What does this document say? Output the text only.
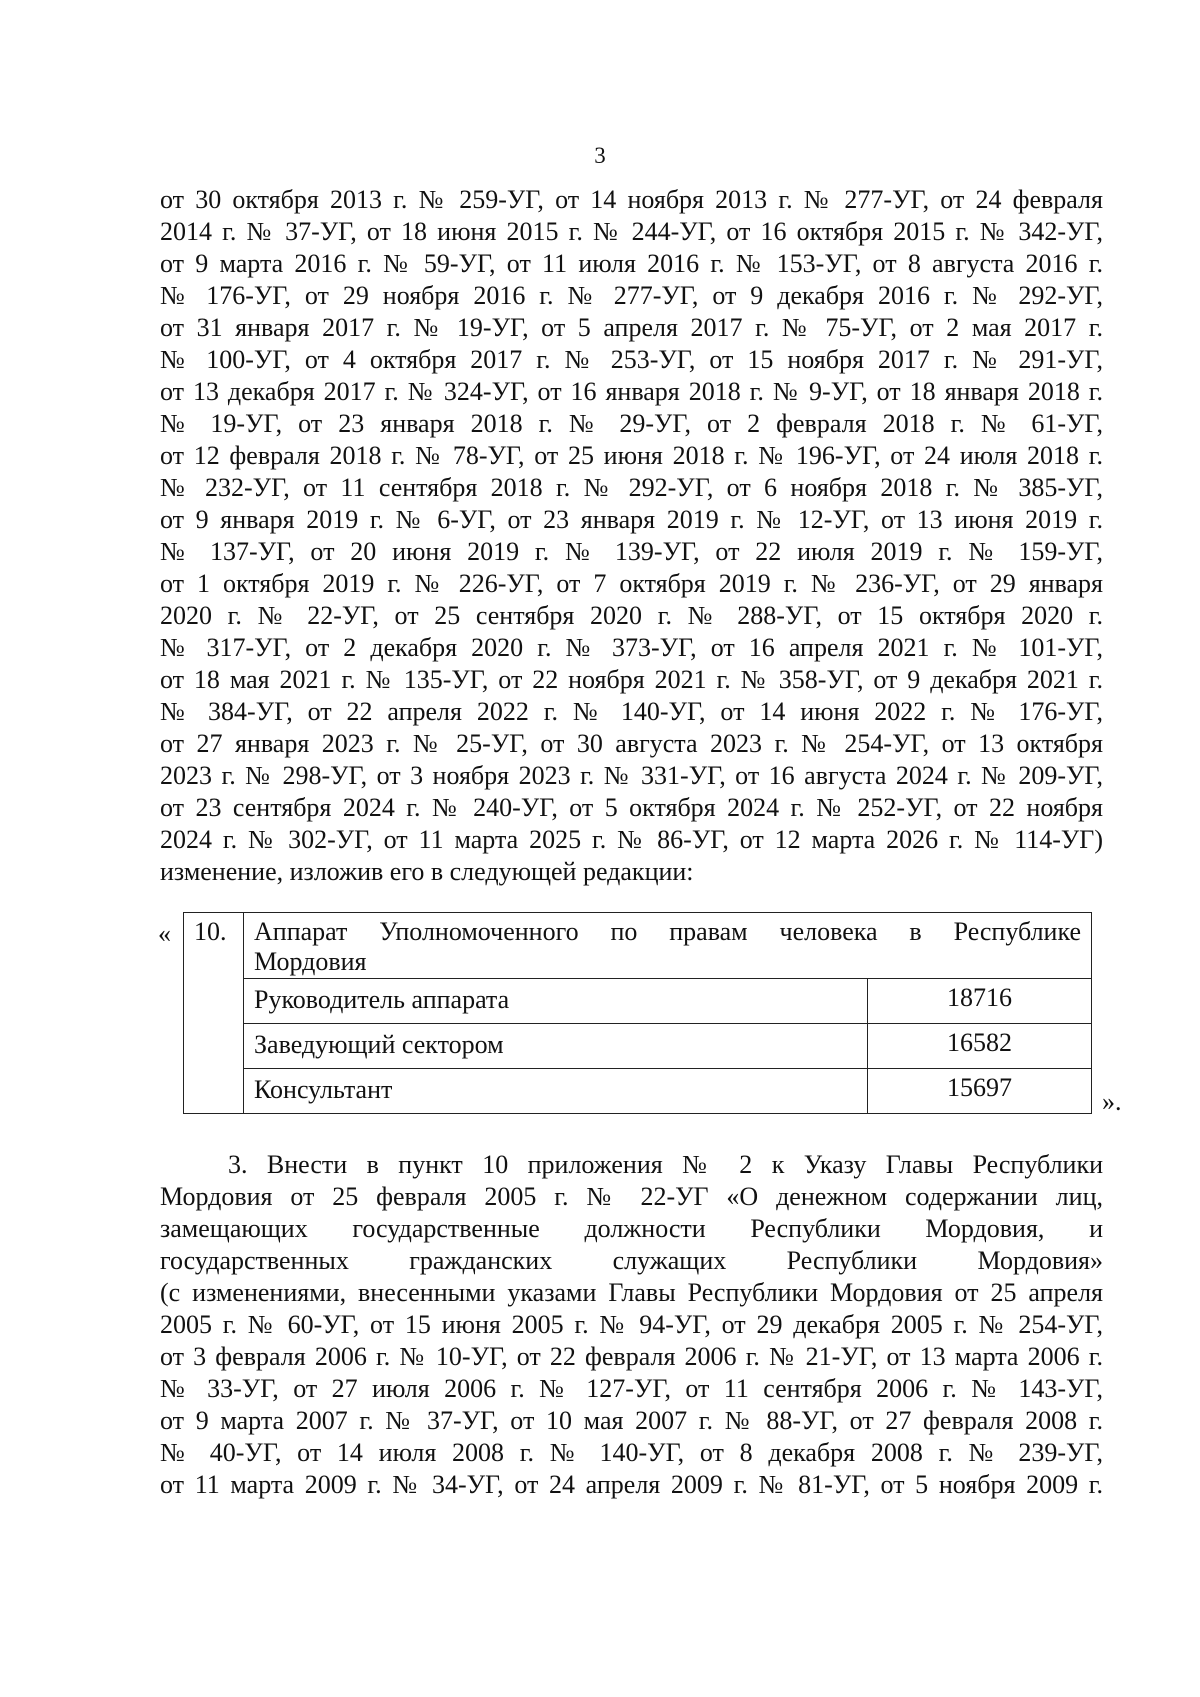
3
от 30 октября 2013 г. № 259-УГ, от 14 ноября 2013 г. № 277-УГ, от 24 февраля
2014 г. № 37-УГ, от 18 июня 2015 г. № 244-УГ, от 16 октября 2015 г. № 342-УГ,
от 9 марта 2016 г. № 59-УГ, от 11 июля 2016 г. № 153-УГ, от 8 августа 2016 г.
№ 176-УГ, от 29 ноября 2016 г. № 277-УГ, от 9 декабря 2016 г. № 292-УГ,
от 31 января 2017 г. № 19-УГ, от 5 апреля 2017 г. № 75-УГ, от 2 мая 2017 г.
№ 100-УГ, от 4 октября 2017 г. № 253-УГ, от 15 ноября 2017 г. № 291-УГ,
от 13 декабря 2017 г. № 324-УГ, от 16 января 2018 г. № 9-УГ, от 18 января 2018 г.
№ 19-УГ, от 23 января 2018 г. № 29-УГ, от 2 февраля 2018 г. № 61-УГ,
от 12 февраля 2018 г. № 78-УГ, от 25 июня 2018 г. № 196-УГ, от 24 июля 2018 г.
№ 232-УГ, от 11 сентября 2018 г. № 292-УГ, от 6 ноября 2018 г. № 385-УГ,
от 9 января 2019 г. № 6-УГ, от 23 января 2019 г. № 12-УГ, от 13 июня 2019 г.
№ 137-УГ, от 20 июня 2019 г. № 139-УГ, от 22 июля 2019 г. № 159-УГ,
от 1 октября 2019 г. № 226-УГ, от 7 октября 2019 г. № 236-УГ, от 29 января
2020 г. № 22-УГ, от 25 сентября 2020 г. № 288-УГ, от 15 октября 2020 г.
№ 317-УГ, от 2 декабря 2020 г. № 373-УГ, от 16 апреля 2021 г. № 101-УГ,
от 18 мая 2021 г. № 135-УГ, от 22 ноября 2021 г. № 358-УГ, от 9 декабря 2021 г.
№ 384-УГ, от 22 апреля 2022 г. № 140-УГ, от 14 июня 2022 г. № 176-УГ,
от 27 января 2023 г. № 25-УГ, от 30 августа 2023 г. № 254-УГ, от 13 октября
2023 г. № 298-УГ, от 3 ноября 2023 г. № 331-УГ, от 16 августа 2024 г. № 209-УГ,
от 23 сентября 2024 г. № 240-УГ, от 5 октября 2024 г. № 252-УГ, от 22 ноября
2024 г. № 302-УГ, от 11 марта 2025 г. № 86-УГ, от 12 марта 2026 г. № 114-УГ)
изменение, изложив его в следующей редакции:
« 10.	Аппарат Уполномоченного по правам человека в Республике
Мордовия
Руководитель аппарата	18716
Заведующий сектором	16582
Консультант	15697	».
3. Внести в пункт 10 приложения № 2 к Указу Главы Республики
Мордовия от 25 февраля 2005 г. № 22-УГ «О денежном содержании лиц,
замещающих государственные должности Республики Мордовия, и
государственных гражданских служащих Республики Мордовия»
(с изменениями, внесенными указами Главы Республики Мордовия от 25 апреля
2005 г. № 60-УГ, от 15 июня 2005 г. № 94-УГ, от 29 декабря 2005 г. № 254-УГ,
от 3 февраля 2006 г. № 10-УГ, от 22 февраля 2006 г. № 21-УГ, от 13 марта 2006 г.
№ 33-УГ, от 27 июля 2006 г. № 127-УГ, от 11 сентября 2006 г. № 143-УГ,
от 9 марта 2007 г. № 37-УГ, от 10 мая 2007 г. № 88-УГ, от 27 февраля 2008 г.
№ 40-УГ, от 14 июля 2008 г. № 140-УГ, от 8 декабря 2008 г. № 239-УГ,
от 11 марта 2009 г. № 34-УГ, от 24 апреля 2009 г. № 81-УГ, от 5 ноября 2009 г.
